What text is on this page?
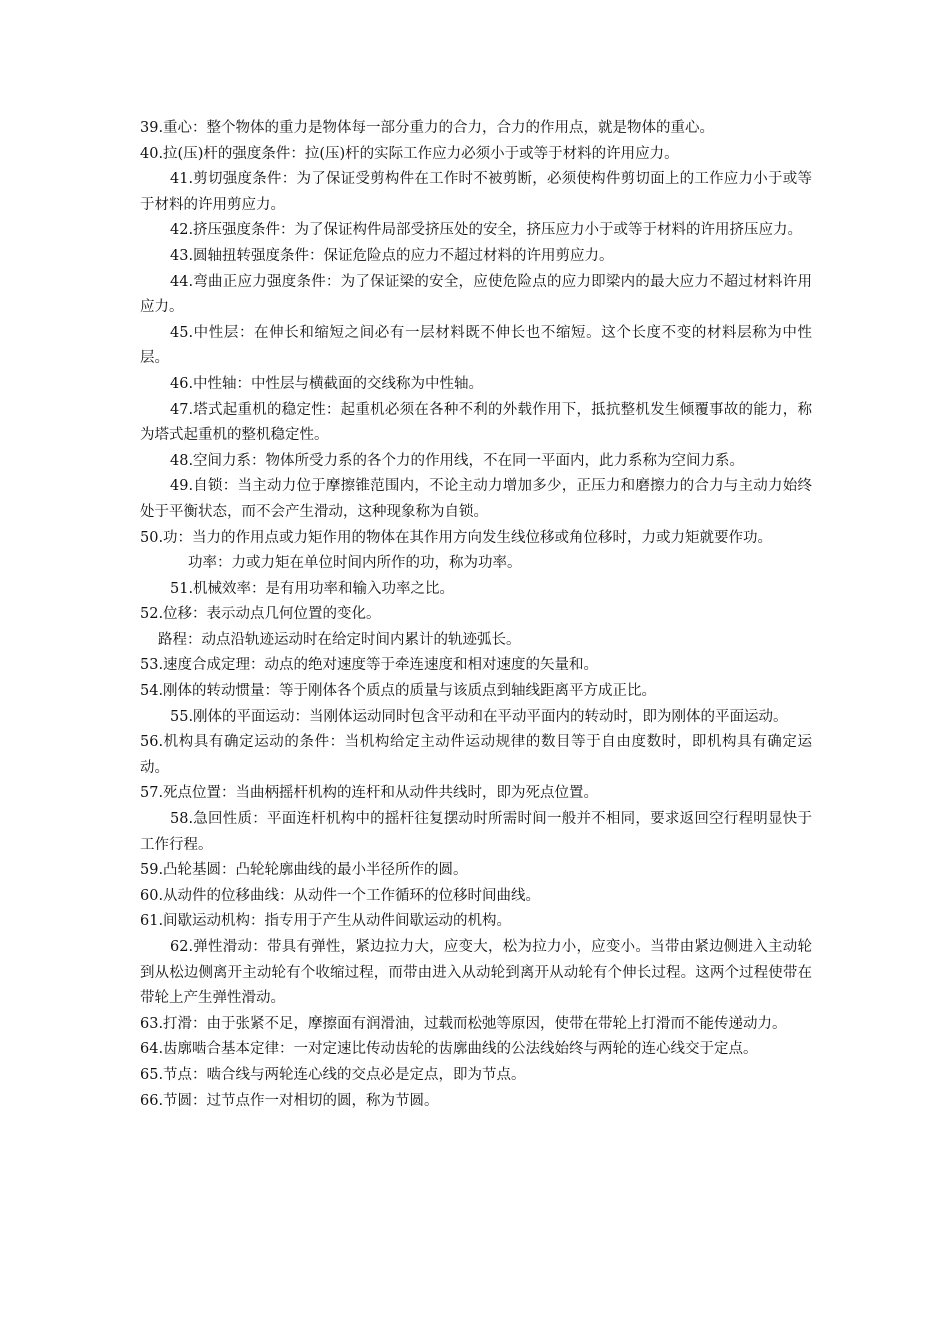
39.重心：整个物体的重力是物体每一部分重力的合力，合力的作用点，就是物体的重心。

40.拉(压)杆的强度条件：拉(压)杆的实际工作应力必须小于或等于材料的许用应力。

41.剪切强度条件：为了保证受剪构件在工作时不被剪断，必须使构件剪切面上的工作应力小于或等于材料的许用剪应力。

42.挤压强度条件：为了保证构件局部受挤压处的安全，挤压应力小于或等于材料的许用挤压应力。

43.圆轴扭转强度条件：保证危险点的应力不超过材料的许用剪应力。

44.弯曲正应力强度条件：为了保证梁的安全，应使危险点的应力即梁内的最大应力不超过材料许用应力。

45.中性层：在伸长和缩短之间必有一层材料既不伸长也不缩短。这个长度不变的材料层称为中性层。

46.中性轴：中性层与横截面的交线称为中性轴。

47.塔式起重机的稳定性：起重机必须在各种不利的外载作用下，抵抗整机发生倾覆事故的能力，称为塔式起重机的整机稳定性。

48.空间力系：物体所受力系的各个力的作用线，不在同一平面内，此力系称为空间力系。

49.自锁：当主动力位于摩擦锥范围内，不论主动力增加多少，正压力和磨擦力的合力与主动力始终处于平衡状态，而不会产生滑动，这种现象称为自锁。

50.功：当力的作用点或力矩作用的物体在其作用方向发生线位移或角位移时，力或力矩就要作功。

功率：力或力矩在单位时间内所作的功，称为功率。

51.机械效率：是有用功率和输入功率之比。

52.位移：表示动点几何位置的变化。

路程：动点沿轨迹运动时在给定时间内累计的轨迹弧长。

53.速度合成定理：动点的绝对速度等于牵连速度和相对速度的矢量和。

54.刚体的转动惯量：等于刚体各个质点的质量与该质点到轴线距离平方成正比。

55.刚体的平面运动：当刚体运动同时包含平动和在平动平面内的转动时，即为刚体的平面运动。

56.机构具有确定运动的条件：当机构给定主动件运动规律的数目等于自由度数时，即机构具有确定运动。

57.死点位置：当曲柄摇杆机构的连杆和从动件共线时，即为死点位置。

58.急回性质：平面连杆机构中的摇杆往复摆动时所需时间一般并不相同，要求返回空行程明显快于工作行程。

59.凸轮基圆：凸轮轮廓曲线的最小半径所作的圆。

60.从动件的位移曲线：从动件一个工作循环的位移时间曲线。

61.间歇运动机构：指专用于产生从动件间歇运动的机构。

62.弹性滑动：带具有弹性，紧边拉力大，应变大，松为拉力小，应变小。当带由紧边侧进入主动轮到从松边侧离开主动轮有个收缩过程，而带由进入从动轮到离开从动轮有个伸长过程。这两个过程使带在带轮上产生弹性滑动。

63.打滑：由于张紧不足，摩擦面有润滑油，过载而松弛等原因，使带在带轮上打滑而不能传递动力。

64.齿廓啮合基本定律：一对定速比传动齿轮的齿廓曲线的公法线始终与两轮的连心线交于定点。

65.节点：啮合线与两轮连心线的交点必是定点，即为节点。

66.节圆：过节点作一对相切的圆，称为节圆。
